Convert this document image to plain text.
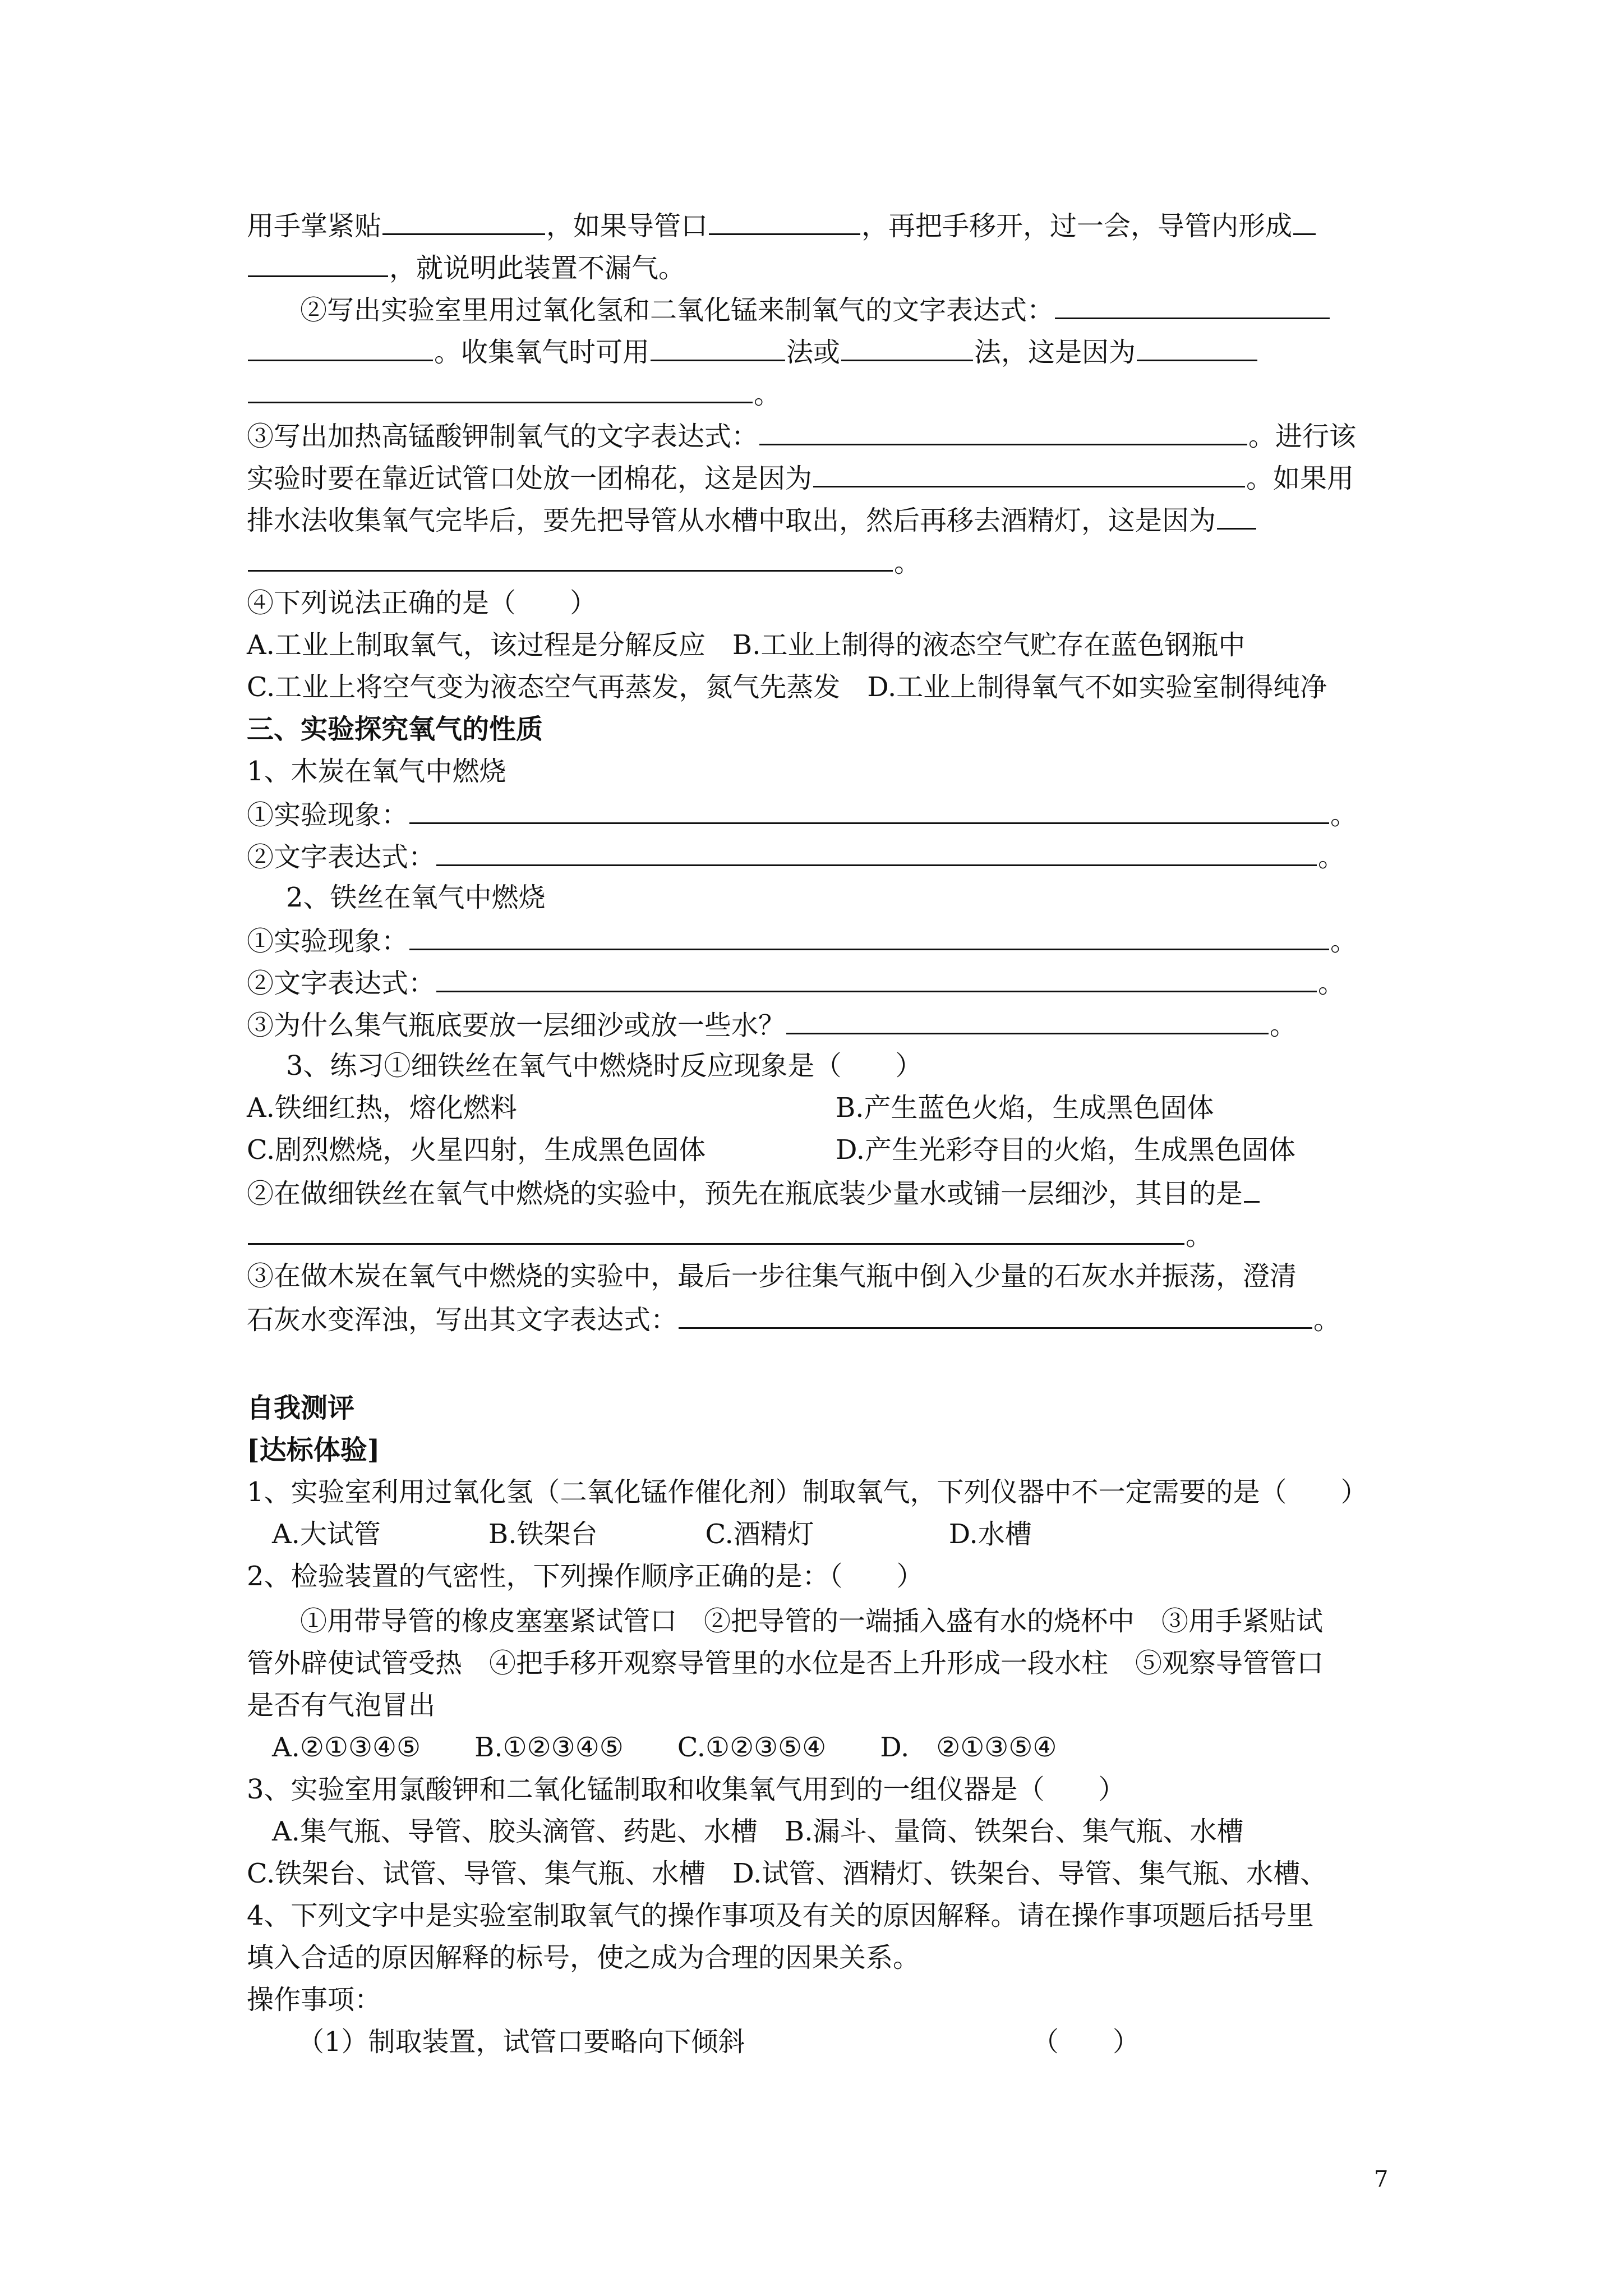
用手掌紧贴	，如果导管口	，再把手移开，过一会，导管内形成
，就说明此装置不漏气。
②写出实验室里用过氧化氢和二氧化锰来制氧气的文字表达式：
。收集氧气时可用	法或	法，这是因为
。
③写出加热高锰酸钾制氧气的文字表达式：	。进行该
实验时要在靠近试管口处放一团棉花，这是因为	。如果用
排水法收集氧气完毕后，要先把导管从水槽中取出，然后再移去酒精灯，这是因为
。
④下列说法正确的是（　　）
A.工业上制取氧气，该过程是分解反应　B.工业上制得的液态空气贮存在蓝色钢瓶中
C.工业上将空气变为液态空气再蒸发，氮气先蒸发　D.工业上制得氧气不如实验室制得纯净
三、实验探究氧气的性质
1、木炭在氧气中燃烧
①实验现象：	。
②文字表达式：	。
2、铁丝在氧气中燃烧
①实验现象：	。
②文字表达式：	。
③为什么集气瓶底要放一层细沙或放一些水？	。
3、练习①细铁丝在氧气中燃烧时反应现象是（　　）
A.铁细红热，熔化燃料	B.产生蓝色火焰，生成黑色固体
C.剧烈燃烧，火星四射，生成黑色固体	D.产生光彩夺目的火焰，生成黑色固体
②在做细铁丝在氧气中燃烧的实验中，预先在瓶底装少量水或铺一层细沙，其目的是
。
③在做木炭在氧气中燃烧的实验中，最后一步往集气瓶中倒入少量的石灰水并振荡，澄清
石灰水变浑浊，写出其文字表达式：	。
自我测评
[达标体验]
1、实验室利用过氧化氢（二氧化锰作催化剂）制取氧气，下列仪器中不一定需要的是（　　）
A.大试管　　　　B.铁架台　　　　C.酒精灯　　　　　D.水槽
2、检验装置的气密性，下列操作顺序正确的是：（　　）
①用带导管的橡皮塞塞紧试管口　②把导管的一端插入盛有水的烧杯中　③用手紧贴试
管外辟使试管受热　④把手移开观察导管里的水位是否上升形成一段水柱　⑤观察导管管口
是否有气泡冒出
A.②①③④⑤　　B.①②③④⑤　　C.①②③⑤④　　D.　②①③⑤④
3、实验室用氯酸钾和二氧化锰制取和收集氧气用到的一组仪器是（　　）
A.集气瓶、导管、胶头滴管、药匙、水槽　B.漏斗、量筒、铁架台、集气瓶、水槽
C.铁架台、试管、导管、集气瓶、水槽　D.试管、酒精灯、铁架台、导管、集气瓶、水槽、
4、下列文字中是实验室制取氧气的操作事项及有关的原因解释。请在操作事项题后括号里
填入合适的原因解释的标号，使之成为合理的因果关系。
操作事项：
（1）制取装置，试管口要略向下倾斜	（　　）
7
